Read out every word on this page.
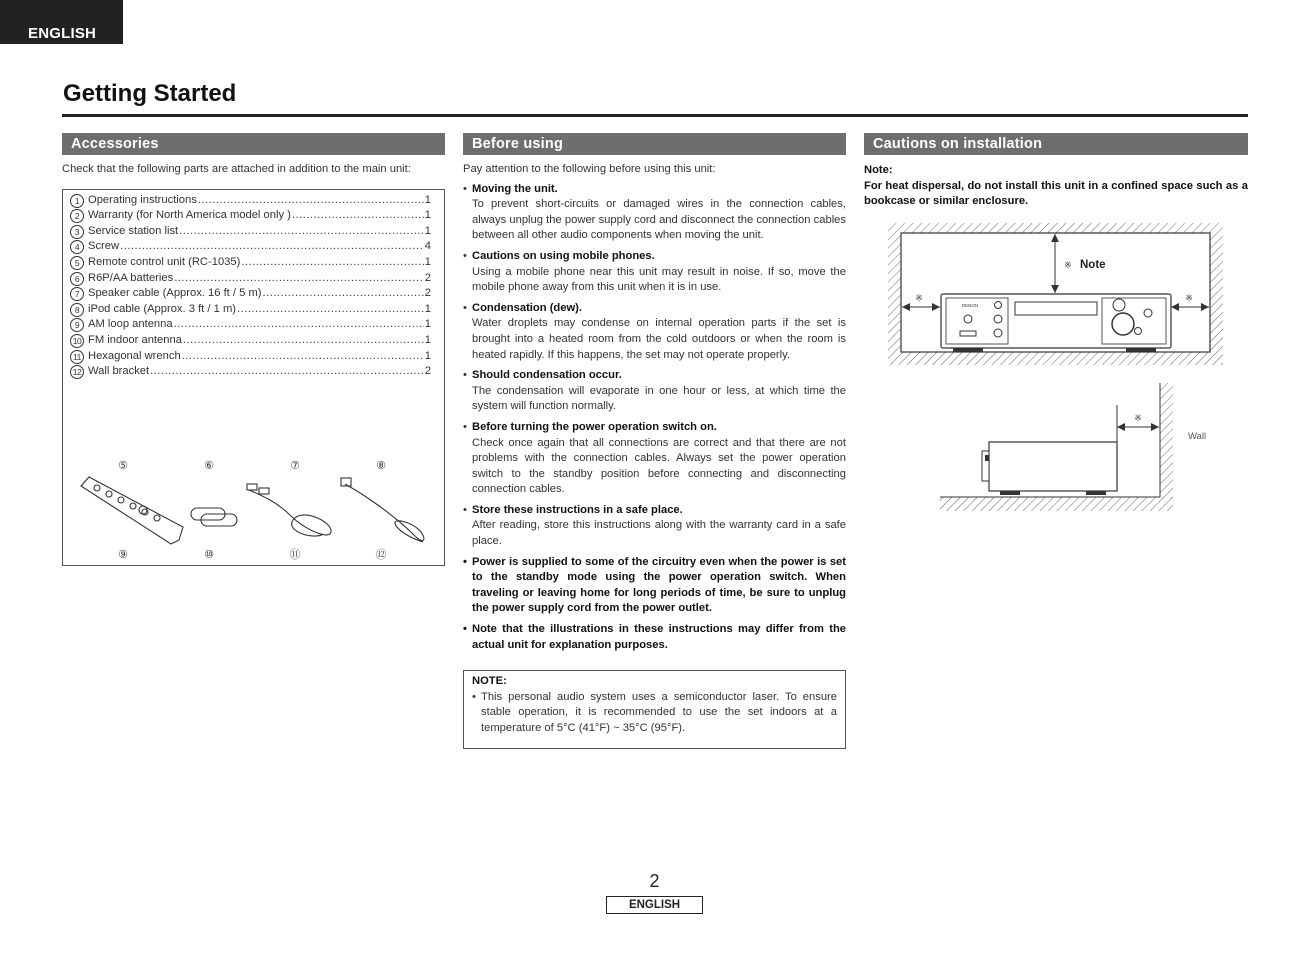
ENGLISH
Getting Started
Accessories
Check that the following parts are attached in addition to the main unit:
1 Operating instructions .....	1
2 Warranty (for North America model only ) .....	1
3 Service station list .....	1
4 Screw .....	4
5 Remote control unit (RC-1035) .....	1
6 R6P/AA batteries .....	2
7 Speaker cable (Approx. 16 ft / 5 m) .....	2
8 iPod cable (Approx. 3 ft / 1 m) .....	1
9 AM loop antenna .....	1
10 FM indoor antenna .....	1
11 Hexagonal wrench .....	1
12 Wall bracket .....	2
⑤	⑥	⑦	⑧
⑨	⑩	⑪	⑫
Before using
Pay attention to the following before using this unit:
• Moving the unit.
To prevent short-circuits or damaged wires in the connection cables, always unplug the power supply cord and disconnect the connection cables between all other audio components when moving the unit.
• Cautions on using mobile phones.
Using a mobile phone near this unit may result in noise. If so, move the mobile phone away from this unit when it is in use.
• Condensation (dew).
Water droplets may condense on internal operation parts if the set is brought into a heated room from the cold outdoors or when the room is heated rapidly. If this happens, the set may not operate properly.
• Should condensation occur.
The condensation will evaporate in one hour or less, at which time the system will function normally.
• Before turning the power operation switch on.
Check once again that all connections are correct and that there are not problems with the connection cables. Always set the power operation switch to the standby position before connecting and disconnecting connection cables.
• Store these instructions in a safe place.
After reading, store this instructions along with the warranty card in a safe place.
• Power is supplied to some of the circuitry even when the power is set to the standby mode using the power operation switch. When traveling or leaving home for long periods of time, be sure to unplug the power supply cord from the power outlet.
• Note that the illustrations in these instructions may differ from the actual unit for explanation purposes.
NOTE:
• This personal audio system uses a semiconductor laser. To ensure stable operation, it is recommended to use the set indoors at a temperature of 5°C (41°F) ~ 35°C (95°F).
Cautions on installation
Note:
For heat dispersal, do not install this unit in a confined space such as a bookcase or similar enclosure.
※ Note
※	※
DENON
Wall
※
2
ENGLISH
